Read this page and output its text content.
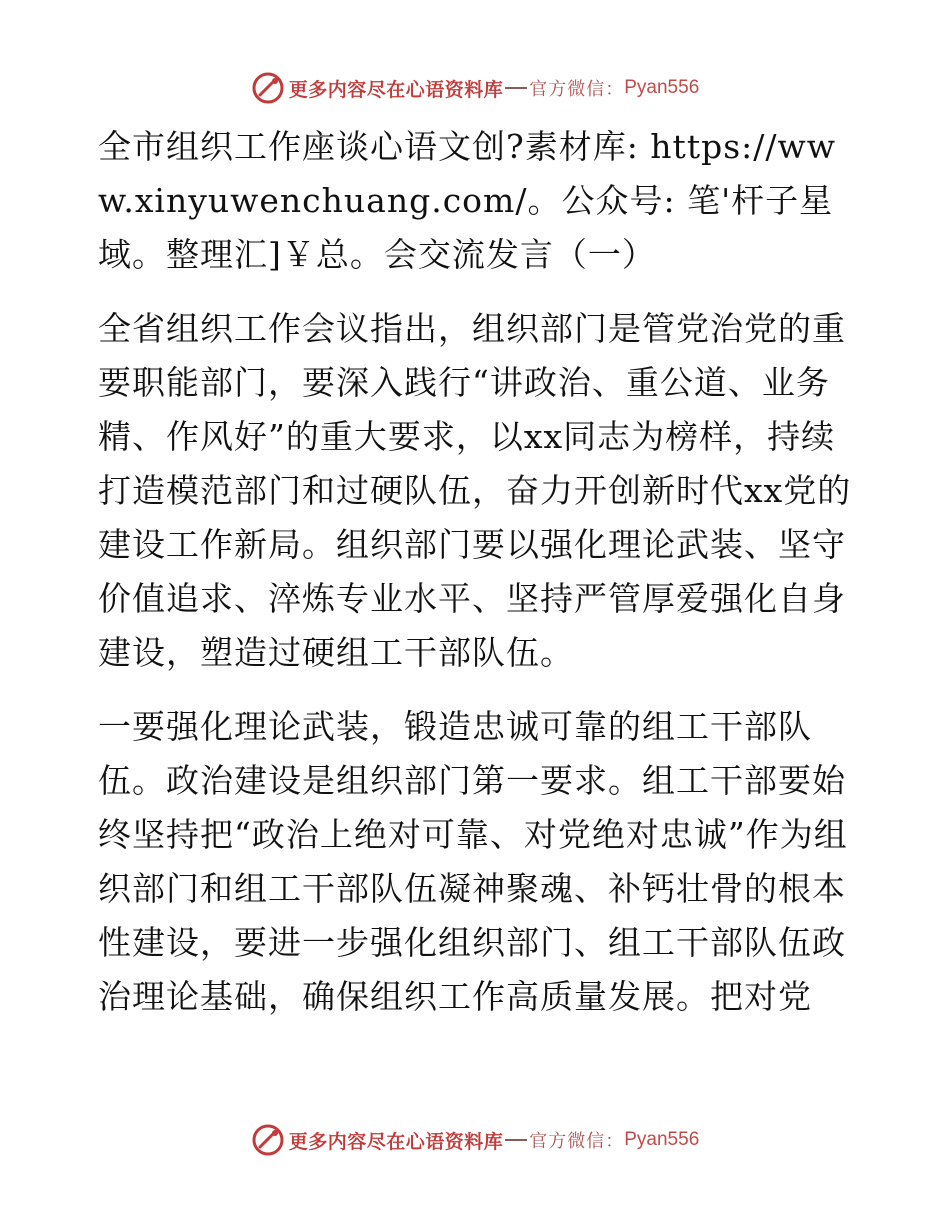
更多内容尽在心语资料库 官方微信： Pyan556

全市组织工作座谈心语文创?素材库: https://www.xinyuwenchuang.com/。公众号: 笔'杆子星域。整理汇]￥总。会交流发言（一）

全省组织工作会议指出，组织部门是管党治党的重要职能部门，要深入践行“讲政治、重公道、业务精、作风好”的重大要求，以xx同志为榜样，持续打造模范部门和过硬队伍，奋力开创新时代xx党的建设工作新局。组织部门要以强化理论武装、坚守价值追求、淬炼专业水平、坚持严管厚爱强化自身建设，塑造过硬组工干部队伍。

一要强化理论武装，锻造忠诚可靠的组工干部队伍。政治建设是组织部门第一要求。组工干部要始终坚持把“政治上绝对可靠、对党绝对忠诚”作为组织部门和组工干部队伍凝神聚魂、补钙壮骨的根本性建设，要进一步强化组织部门、组工干部队伍政治理论基础，确保组织工作高质量发展。把对党

更多内容尽在心语资料库 官方微信： Pyan556
